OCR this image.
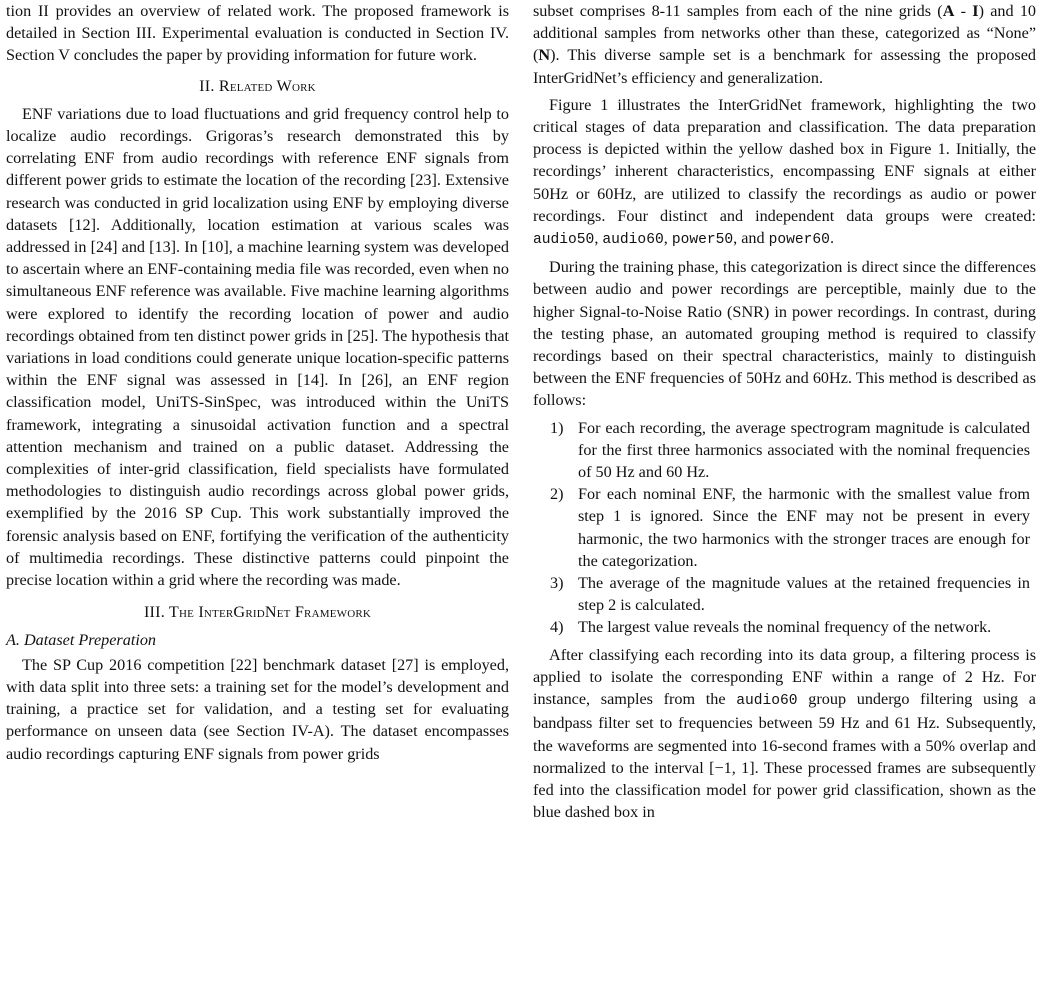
tion II provides an overview of related work. The proposed framework is detailed in Section III. Experimental evaluation is conducted in Section IV. Section V concludes the paper by providing information for future work.

II. Related Work

ENF variations due to load fluctuations and grid frequency control help to localize audio recordings. Grigoras’s research demonstrated this by correlating ENF from audio recordings with reference ENF signals from different power grids to estimate the location of the recording [23]. Extensive research was conducted in grid localization using ENF by employing diverse datasets [12]. Additionally, location estimation at various scales was addressed in [24] and [13]. In [10], a machine learning system was developed to ascertain where an ENF-containing media file was recorded, even when no simultaneous ENF reference was available. Five machine learning algorithms were explored to identify the recording location of power and audio recordings obtained from ten distinct power grids in [25]. The hypothesis that variations in load conditions could generate unique location-specific patterns within the ENF signal was assessed in [14]. In [26], an ENF region classification model, UniTS-SinSpec, was introduced within the UniTS framework, integrating a sinusoidal activation function and a spectral attention mechanism and trained on a public dataset. Addressing the complexities of inter-grid classification, field specialists have formulated methodologies to distinguish audio recordings across global power grids, exemplified by the 2016 SP Cup. This work substantially improved the forensic analysis based on ENF, fortifying the verification of the authenticity of multimedia recordings. These distinctive patterns could pinpoint the precise location within a grid where the recording was made.

III. The InterGridNet Framework
A. Dataset Preperation

The SP Cup 2016 competition [22] benchmark dataset [27] is employed, with data split into three sets: a training set for the model’s development and training, a practice set for validation, and a testing set for evaluating performance on unseen data (see Section IV-A). The dataset encompasses audio recordings capturing ENF signals from power grids

subset comprises 8-11 samples from each of the nine grids (A - I) and 10 additional samples from networks other than these, categorized as “None” (N). This diverse sample set is a benchmark for assessing the proposed InterGridNet’s efficiency and generalization.

Figure 1 illustrates the InterGridNet framework, highlighting the two critical stages of data preparation and classification. The data preparation process is depicted within the yellow dashed box in Figure 1. Initially, the recordings’ inherent characteristics, encompassing ENF signals at either 50Hz or 60Hz, are utilized to classify the recordings as audio or power recordings. Four distinct and independent data groups were created: audio50, audio60, power50, and power60.

During the training phase, this categorization is direct since the differences between audio and power recordings are perceptible, mainly due to the higher Signal-to-Noise Ratio (SNR) in power recordings. In contrast, during the testing phase, an automated grouping method is required to classify recordings based on their spectral characteristics, mainly to distinguish between the ENF frequencies of 50Hz and 60Hz. This method is described as follows:

1) For each recording, the average spectrogram magnitude is calculated for the first three harmonics associated with the nominal frequencies of 50 Hz and 60 Hz.
2) For each nominal ENF, the harmonic with the smallest value from step 1 is ignored. Since the ENF may not be present in every harmonic, the two harmonics with the stronger traces are enough for the categorization.
3) The average of the magnitude values at the retained frequencies in step 2 is calculated.
4) The largest value reveals the nominal frequency of the network.

After classifying each recording into its data group, a filtering process is applied to isolate the corresponding ENF within a range of 2 Hz. For instance, samples from the audio60 group undergo filtering using a bandpass filter set to frequencies between 59 Hz and 61 Hz. Subsequently, the waveforms are segmented into 16-second frames with a 50% overlap and normalized to the interval [−1, 1]. These processed frames are subsequently fed into the classification model for power grid classification, shown as the blue dashed box in
